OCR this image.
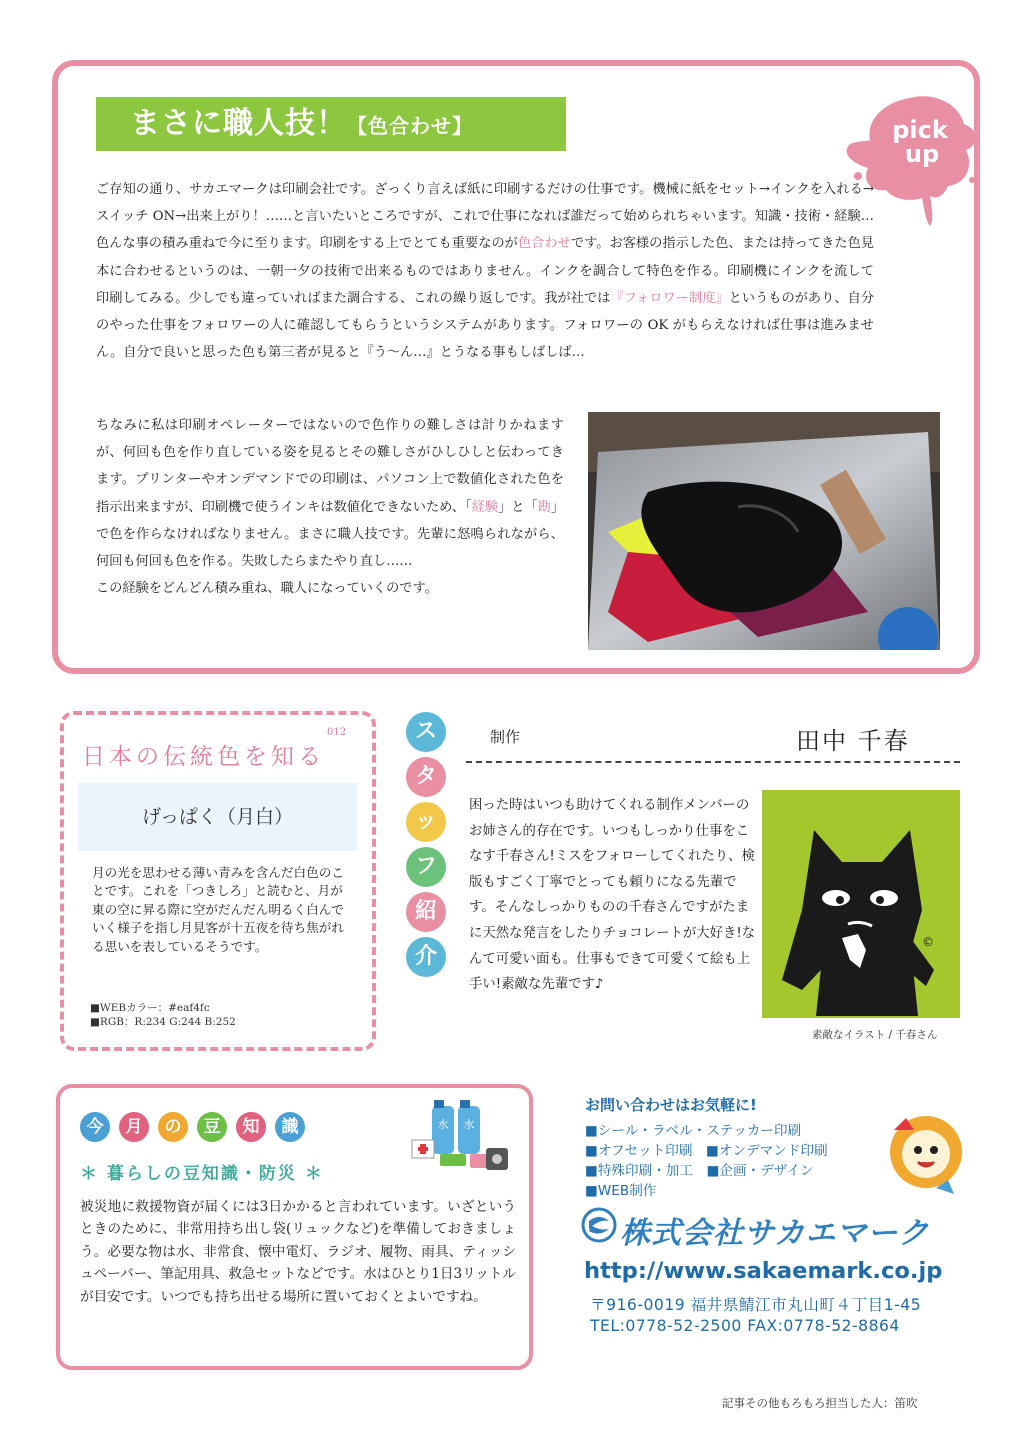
まさに職人技！【色合わせ】	pick
up
ご存知の通り、サカエマークは印刷会社です。ざっくり言えば紙に印刷するだけの仕事です。機械に紙をセット→インクを入れる→スイッチ ON→出来上がり！……と言いたいところですが、これで仕事になれば誰だって始められちゃいます。知識・技術・経験…色んな事の積み重ねで今に至ります。印刷をする上でとても重要なのが色合わせです。お客様の指示した色、または持ってきた色見本に合わせるというのは、一朝一夕の技術で出来るものではありません。インクを調合して特色を作る。印刷機にインクを流して印刷してみる。少しでも違っていればまた調合する、これの繰り返しです。我が社では『フォロワー制度』というものがあり、自分のやった仕事をフォロワーの人に確認してもらうというシステムがあります。フォロワーの OK がもらえなければ仕事は進みません。自分で良いと思った色も第三者が見ると『う～ん…』とうなる事もしばしば…
ちなみに私は印刷オペレーターではないので色作りの難しさは計りかねますが、何回も色を作り直している姿を見るとその難しさがひしひしと伝わってきます。プリンターやオンデマンドでの印刷は、パソコン上で数値化された色を指示出来ますが、印刷機で使うインキは数値化できないため、「経験」と「勘」で色を作らなければなりません。まさに職人技です。先輩に怒鳴られながら、何回も何回も色を作る。失敗したらまたやり直し……
この経験をどんどん積み重ね、職人になっていくのです。
012
日本の伝統色を知る
げっぱく（月白）
月の光を思わせる薄い青みを含んだ白色のことです。これを「つきしろ」と読むと、月が東の空に昇る際に空がだんだん明るく白んでいく様子を指し月見客が十五夜を待ち焦がれる思いを表しているそうです。
■WEBカラー：#eaf4fc
■RGB：R:234 G:244 B:252
ス
タ
ッ
フ
紹
介
制作	田中 千春
困った時はいつも助けてくれる制作メンバーのお姉さん的存在です。いつもしっかり仕事をこなす千春さん!ミスをフォローしてくれたり、検版もすごく丁寧でとっても頼りになる先輩です。そんなしっかりものの千春さんですがたまに天然な発言をしたりチョコレートが大好き!なんて可愛い面も。仕事もできて可愛くて絵も上手い!素敵な先輩です♪
©
素敵なイラスト / 千春さん
今	月	の	豆	知	識
＊ 暮らしの豆知識・防災 ＊
水 水
被災地に救援物資が届くには3日かかると言われています。いざというときのために、非常用持ち出し袋(リュックなど)を準備しておきましょう。必要な物は水、非常食、懐中電灯、ラジオ、履物、雨具、ティッシュペーパー、筆記用具、救急セットなどです。水はひとり1日3リットルが目安です。いつでも持ち出せる場所に置いておくとよいですね。
お問い合わせはお気軽に!
■シール・ラベル・ステッカー印刷
■オフセット印刷　■オンデマンド印刷
■特殊印刷・加工　■企画・デザイン
■WEB制作
株式会社サカエマーク
http://www.sakaemark.co.jp
〒916-0019 福井県鯖江市丸山町４丁目1-45
TEL:0778-52-2500 FAX:0778-52-8864
記事その他もろもろ担当した人：笛吹
